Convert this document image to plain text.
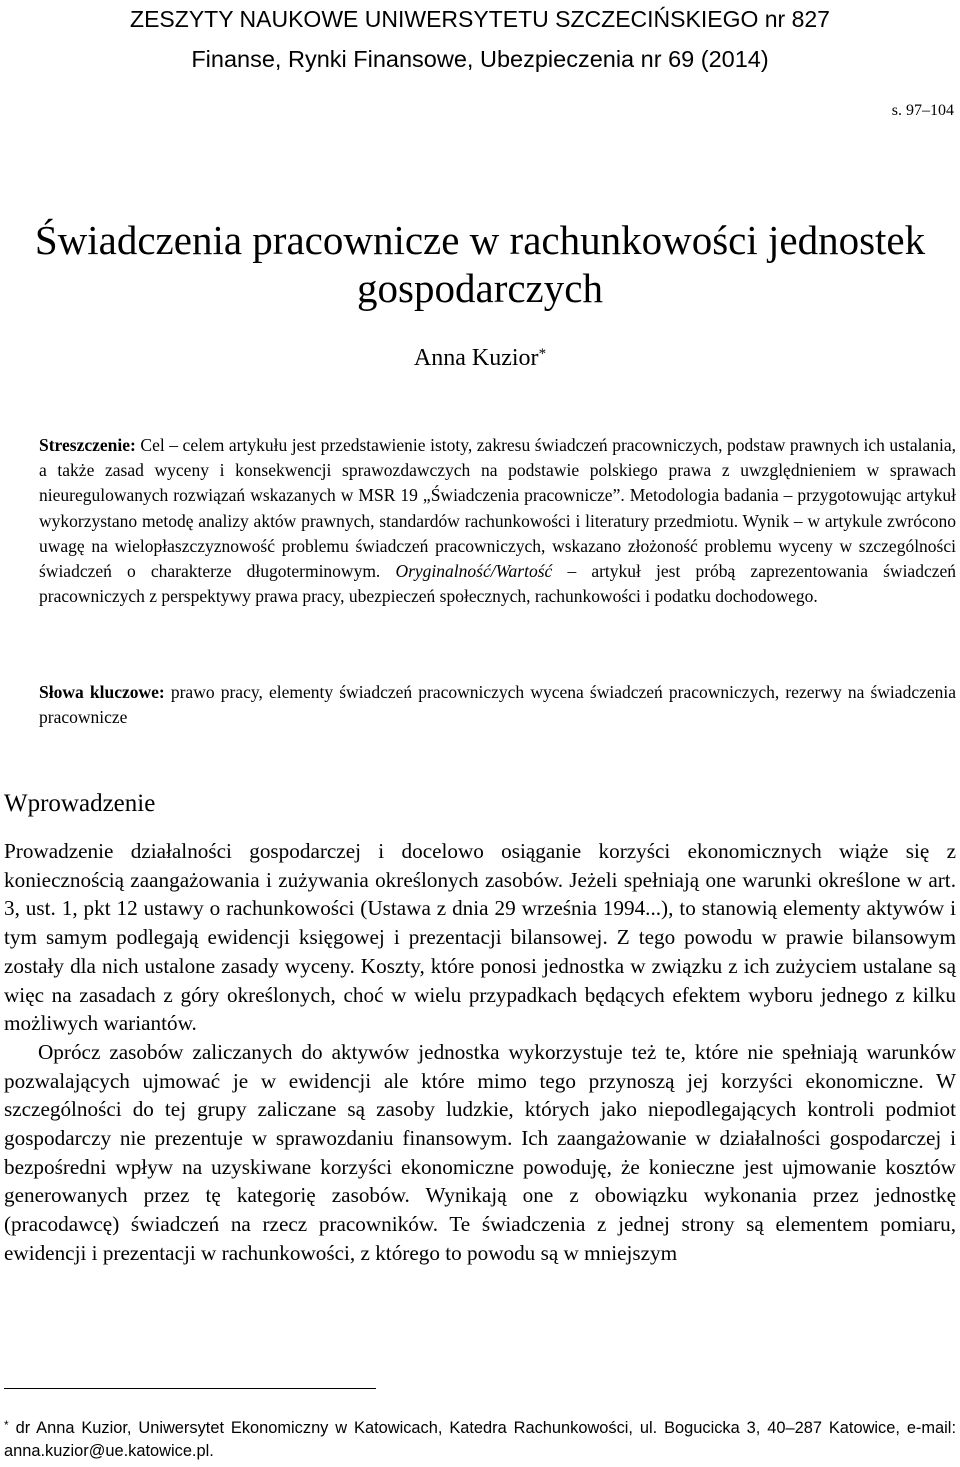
ZESZYTY NAUKOWE UNIWERSYTETU SZCZECIŃSKIEGO nr 827
Finanse, Rynki Finansowe, Ubezpieczenia nr 69 (2014)
s. 97–104
Świadczenia pracownicze w rachunkowości jednostek gospodarczych
Anna Kuzior*

Streszczenie: Cel – celem artykułu jest przedstawienie istoty, zakresu świadczeń pracowniczych, podstaw prawnych ich ustalania, a także zasad wyceny i konsekwencji sprawozdawczych na podstawie polskiego prawa z uwzględnieniem w sprawach nieuregulowanych rozwiązań wskazanych w MSR 19 „Świadczenia pracownicze”. Metodologia badania – przygotowując artykuł wykorzystano metodę analizy aktów prawnych, standardów rachunkowości i literatury przedmiotu. Wynik – w artykule zwrócono uwagę na wielopłaszczyznowość problemu świadczeń pracowniczych, wskazano złożoność problemu wyceny w szczególności świadczeń o charakterze długoterminowym. Oryginalność/Wartość – artykuł jest próbą zaprezentowania świadczeń pracowniczych z perspektywy prawa pracy, ubezpieczeń społecznych, rachunkowości i podatku dochodowego.

Słowa kluczowe: prawo pracy, elementy świadczeń pracowniczych wycena świadczeń pracowniczych, rezerwy na świadczenia pracownicze

Wprowadzenie

Prowadzenie działalności gospodarczej i docelowo osiąganie korzyści ekonomicznych wiąże się z koniecznością zaangażowania i zużywania określonych zasobów. Jeżeli spełniają one warunki określone w art. 3, ust. 1, pkt 12 ustawy o rachunkowości (Ustawa z dnia 29 września 1994...), to stanowią elementy aktywów i tym samym podlegają ewidencji księgowej i prezentacji bilansowej. Z tego powodu w prawie bilansowym zostały dla nich ustalone zasady wyceny. Koszty, które ponosi jednostka w związku z ich zużyciem ustalane są więc na zasadach z góry określonych, choć w wielu przypadkach będących efektem wyboru jednego z kilku możliwych wariantów.

Oprócz zasobów zaliczanych do aktywów jednostka wykorzystuje też te, które nie spełniają warunków pozwalających ujmować je w ewidencji ale które mimo tego przynoszą jej korzyści ekonomiczne. W szczególności do tej grupy zaliczane są zasoby ludzkie, których jako niepodlegających kontroli podmiot gospodarczy nie prezentuje w sprawozdaniu finansowym. Ich zaangażowanie w działalności gospodarczej i bezpośredni wpływ na uzyskiwane korzyści ekonomiczne powoduję, że konieczne jest ujmowanie kosztów generowanych przez tę kategorię zasobów. Wynikają one z obowiązku wykonania przez jednostkę (pracodawcę) świadczeń na rzecz pracowników. Te świadczenia z jednej strony są elementem pomiaru, ewidencji i prezentacji w rachunkowości, z którego to powodu są w mniejszym

* dr Anna Kuzior, Uniwersytet Ekonomiczny w Katowicach, Katedra Rachunkowości, ul. Bogucicka 3, 40–287 Katowice, e-mail: anna.kuzior@ue.katowice.pl.
